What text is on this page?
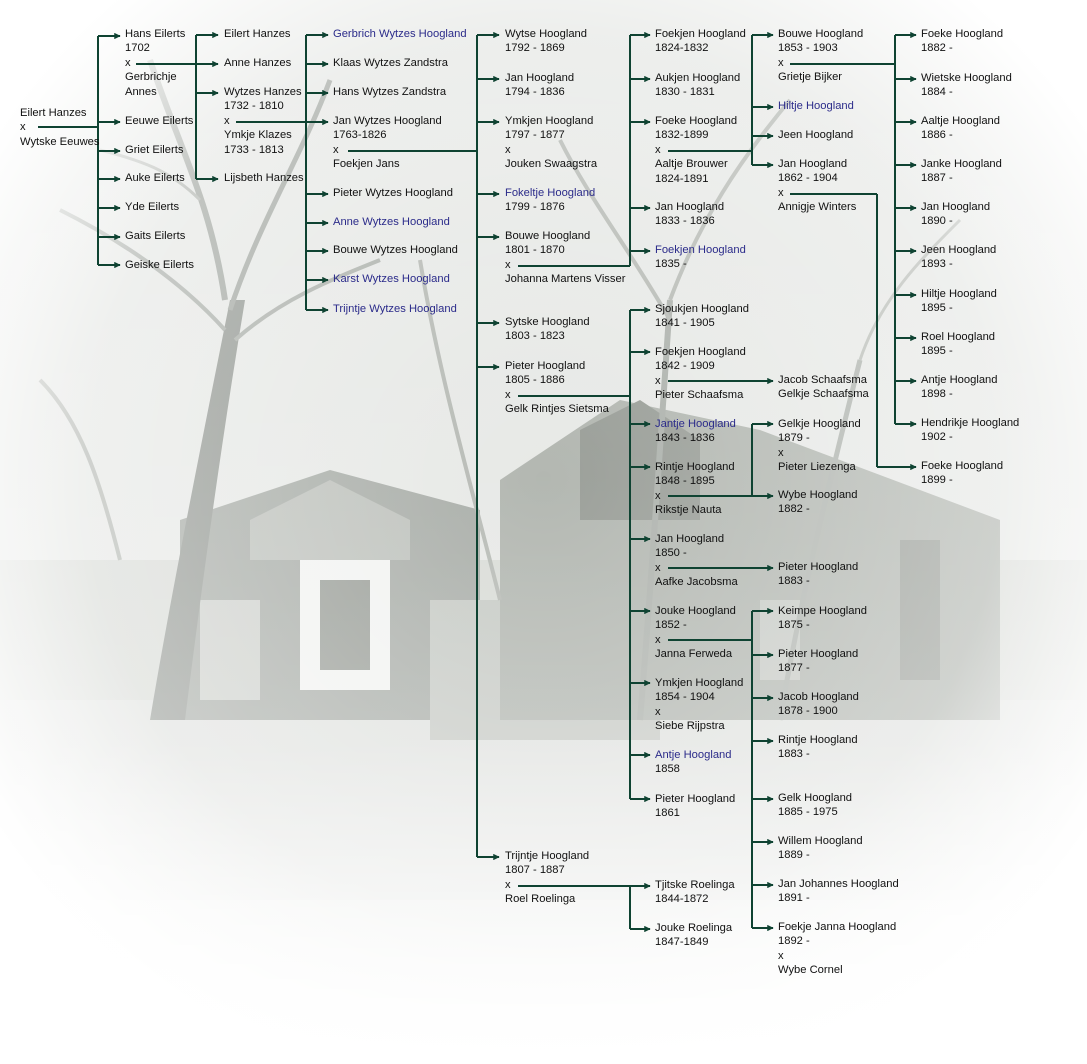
Eilert Hanzes
x
Wytske Eeuwes
Hans Eilerts
1702
x
Gerbrichje
Annes
Eeuwe Eilerts
Griet Eilerts
Auke Eilerts
Yde Eilerts
Gaits Eilerts
Geiske Eilerts
Eilert Hanzes
Anne Hanzes
Wytzes Hanzes
1732 - 1810
x
Ymkje Klazes
1733 - 1813
Lijsbeth Hanzes
Gerbrich Wytzes Hoogland
Klaas Wytzes Zandstra
Hans Wytzes Zandstra
Jan Wytzes Hoogland
1763-1826
x
Foekjen Jans
Pieter Wytzes Hoogland
Anne Wytzes Hoogland
Bouwe Wytzes Hoogland
Karst Wytzes Hoogland
Trijntje Wytzes Hoogland
Wytse Hoogland
1792 - 1869
Jan Hoogland
1794 - 1836
Ymkjen Hoogland
1797 - 1877
x
Jouken Swaagstra
Fokeltje Hoogland
1799 - 1876
Bouwe Hoogland
1801 - 1870
x
Johanna Martens Visser
Sytske Hoogland
1803 - 1823
Pieter Hoogland
1805 - 1886
x
Gelk Rintjes Sietsma
Trijntje Hoogland
1807 - 1887
x
Roel Roelinga
Foekjen Hoogland
1824-1832
Aukjen Hoogland
1830 - 1831
Foeke Hoogland
1832-1899
x
Aaltje Brouwer
1824-1891
Jan Hoogland
1833 - 1836
Foekjen Hoogland
1835 -
Sjoukjen Hoogland
1841 - 1905
Foekjen Hoogland
1842 - 1909
x
Pieter Schaafsma
Jantje Hoogland
1843 - 1836
Rintje Hoogland
1848 - 1895
x
Rikstje Nauta
Jan Hoogland
1850 -
x
Aafke Jacobsma
Jouke Hoogland
1852 -
x
Janna Ferweda
Ymkjen Hoogland
1854 - 1904
x
Siebe Rijpstra
Antje Hoogland
1858
Pieter Hoogland
1861
Tjitske Roelinga
1844-1872
Jouke Roelinga
1847-1849
Bouwe Hoogland
1853 - 1903
x
Grietje Bijker
Hiltje Hoogland
Jeen Hoogland
Jan Hoogland
1862 - 1904
x
Annigje Winters
Jacob Schaafsma
Gelkje Schaafsma
Gelkje Hoogland
1879 -
x
Pieter Liezenga
Wybe Hoogland
1882 -
Pieter Hoogland
1883 -
Keimpe Hoogland
1875 -
Pieter Hoogland
1877 -
Jacob Hoogland
1878 - 1900
Rintje Hoogland
1883 -
Gelk Hoogland
1885 - 1975
Willem Hoogland
1889 -
Jan Johannes Hoogland
1891 -
Foekje Janna Hoogland
1892 -
x
Wybe Cornel
Foeke Hoogland
1882 -
Wietske Hoogland
1884 -
Aaltje Hoogland
1886 -
Janke Hoogland
1887 -
Jan Hoogland
1890 -
Jeen Hoogland
1893 -
Hiltje Hoogland
1895 -
Roel Hoogland
1895 -
Antje Hoogland
1898 -
Hendrikje Hoogland
1902 -
Foeke Hoogland
1899 -
